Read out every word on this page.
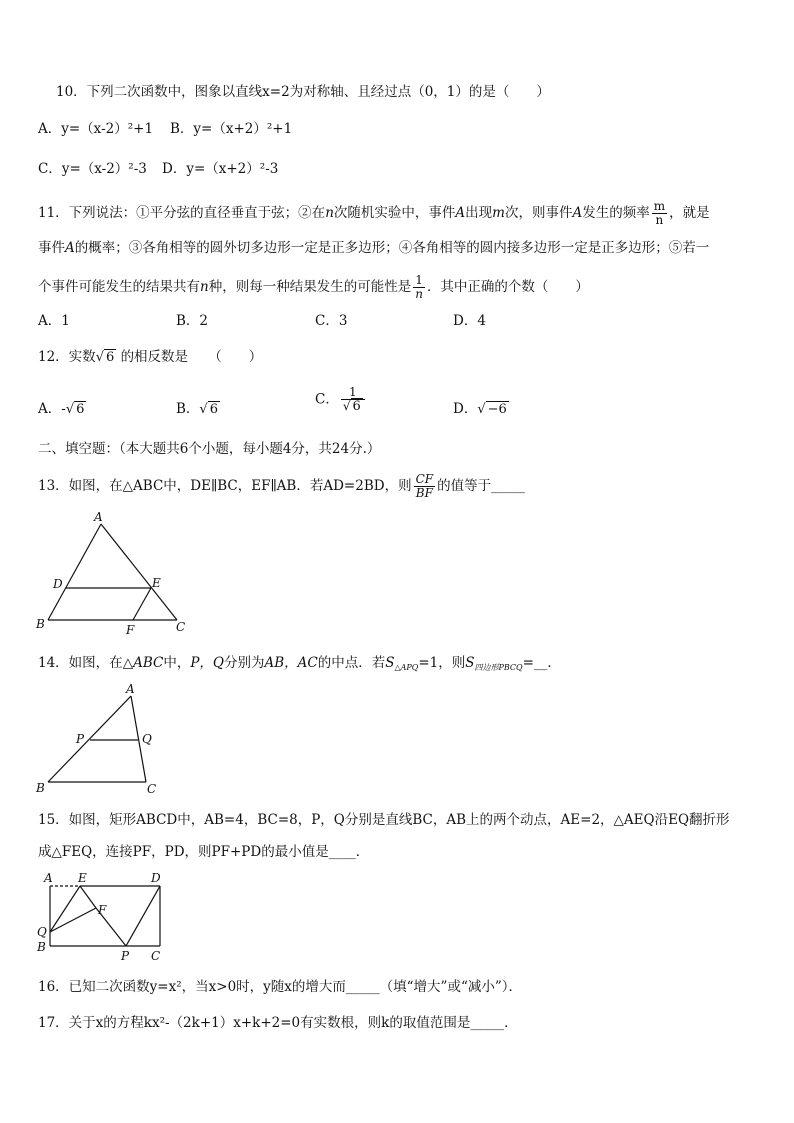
10．下列二次函数中，图象以直线x=2为对称轴、且经过点（0，1）的是（　　）
A．y=（x-2）²+1 B．y=（x+2）²+1
C．y=（x-2）²-3 D．y=（x+2）²-3
11．下列说法：①平分弦的直径垂直于弦；②在n次随机实验中，事件A出现m次，则事件A发生的频率 $\frac{m}{n}$ ，就是
事件A的概率；③各角相等的圆外切多边形一定是正多边形；④各角相等的圆内接多边形一定是正多边形；⑤若一
个事件可能发生的结果共有n种，则每一种结果发生的可能性是 $\frac{1}{n}$ ．其中正确的个数（　　）
A．1	B．2	C．3	D．4
12．实数√ 6 的相反数是　　（　　）
A．-√ 6	B．√ 6
C． $\frac{1}{√ 6}$	D．√ −6
二、填空题：（本大题共6个小题，每小题4分，共24分.）
13．如图，在△ABC中，DE∥BC，EF∥AB．若AD=2BD，则 $\frac{CF}{BF}$ 的值等于_____
A
D	E
B	F	C
14．如图，在△ABC中，P，Q分别为AB，AC的中点．若$S_{\triangle APQ}=1$，则$S_{四边形PBCQ}=\_\_$．
A
P	Q
B	C
15．如图，矩形ABCD中，AB=4，BC=8，P，Q分别是直线BC，AB上的两个动点，AE=2，△AEQ沿EQ翻折形
成△FEQ，连接PF，PD，则PF+PD的最小值是____．
A E	D
F
Q
B
P C
16．已知二次函数y=x²，当x>0时，y随x的增大而_____（填“增大”或“减小”）．
17．关于x的方程kx²-（2k+1）x+k+2=0有实数根，则k的取值范围是_____．
